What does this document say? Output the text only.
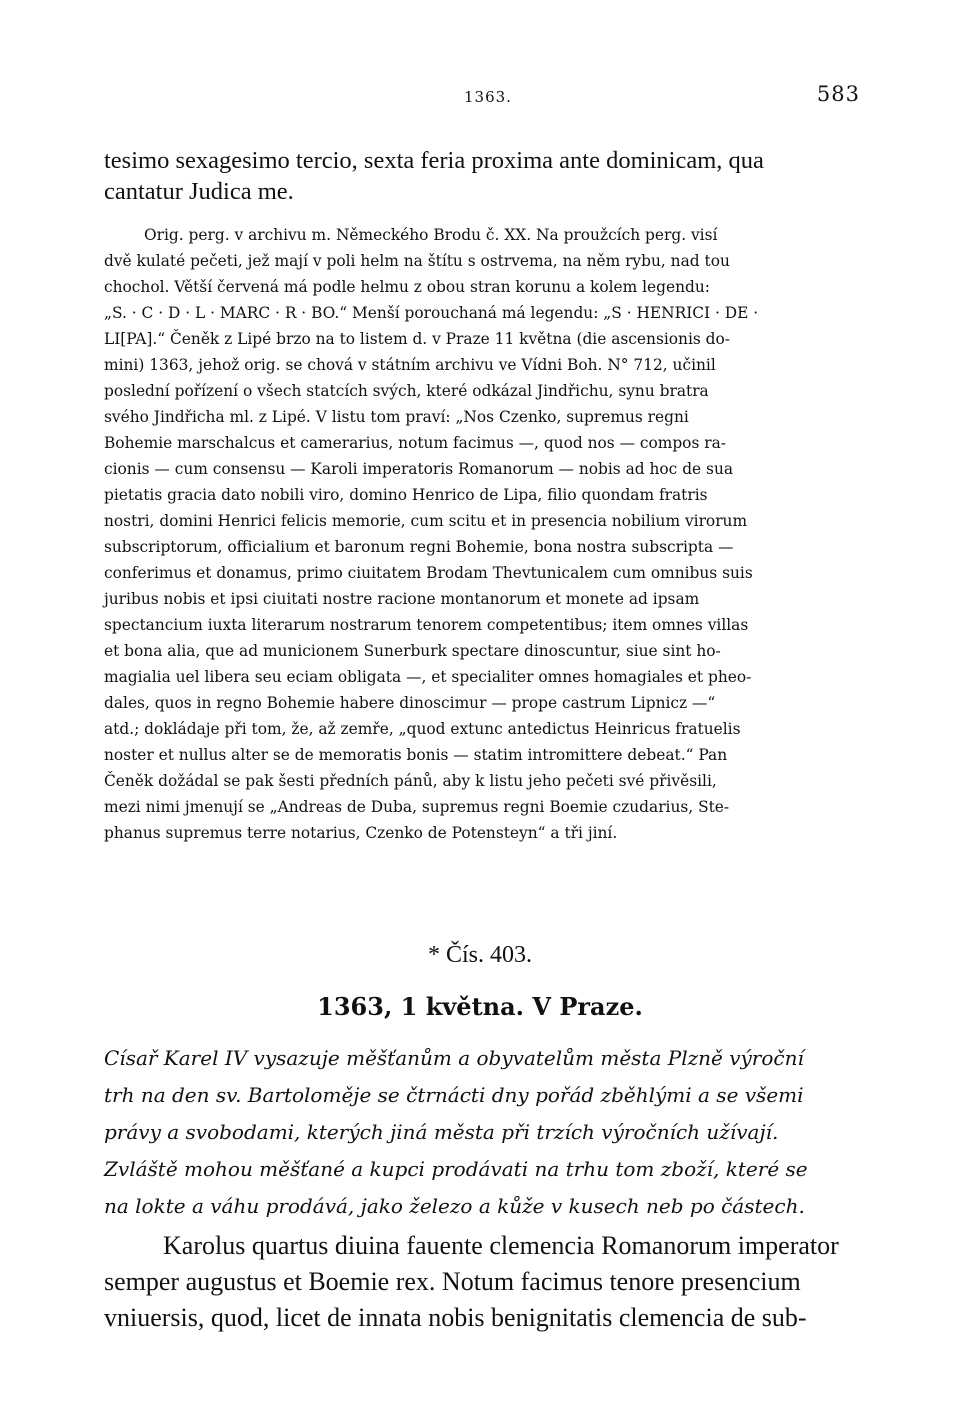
1363.	583
tesimo sexagesimo tercio, sexta feria proxima ante dominicam, qua
cantatur Judica me.
Orig. perg. v archivu m. Německého Brodu č. XX. Na proužcích perg. visí
dvě kulaté pečeti, jež mají v poli helm na štítu s ostrvema, na něm rybu, nad tou
chochol. Větší červená má podle helmu z obou stran korunu a kolem legendu:
„S. · C · D · L · MARC · R · BO.“ Menší porouchaná má legendu: „S · HENRICI · DE ·
LI[PA].“ Čeněk z Lipé brzo na to listem d. v Praze 11 května (die ascensionis do-
mini) 1363, jehož orig. se chová v státním archivu ve Vídni Boh. N° 712, učinil
poslední pořízení o všech statcích svých, které odkázal Jindřichu, synu bratra
svého Jindřicha ml. z Lipé. V listu tom praví: „Nos Czenko, supremus regni
Bohemie marschalcus et camerarius, notum facimus —, quod nos — compos ra-
cionis — cum consensu — Karoli imperatoris Romanorum — nobis ad hoc de sua
pietatis gracia dato nobili viro, domino Henrico de Lipa, filio quondam fratris
nostri, domini Henrici felicis memorie, cum scitu et in presencia nobilium virorum
subscriptorum, officialium et baronum regni Bohemie, bona nostra subscripta —
conferimus et donamus, primo ciuitatem Brodam Thevtunicalem cum omnibus suis
juribus nobis et ipsi ciuitati nostre racione montanorum et monete ad ipsam
spectancium iuxta literarum nostrarum tenorem competentibus; item omnes villas
et bona alia, que ad municionem Sunerburk spectare dinoscuntur, siue sint ho-
magialia uel libera seu eciam obligata —, et specialiter omnes homagiales et pheo-
dales, quos in regno Bohemie habere dinoscimur — prope castrum Lipnicz —“
atd.; dokládaje při tom, že, až zemře, „quod extunc antedictus Heinricus fratuelis
noster et nullus alter se de memoratis bonis — statim intromittere debeat.“ Pan
Čeněk dožádal se pak šesti předních pánů, aby k listu jeho pečeti své přivěsili,
mezi nimi jmenují se „Andreas de Duba, supremus regni Boemie czudarius, Ste-
phanus supremus terre notarius, Czenko de Potensteyn“ a tři jiní.
* Čís. 403.
1363, 1 května. V Praze.
Císař Karel IV vysazuje měšťanům a obyvatelům města Plzně výroční
trh na den sv. Bartoloměje se čtrnácti dny pořád zběhlými a se všemi
právy a svobodami, kterých jiná města při trzích výročních užívají.
Zvláště mohou měšťané a kupci prodávati na trhu tom zboží, které se
na lokte a váhu prodává, jako železo a kůže v kusech neb po částech.
Karolus quartus diuina fauente clemencia Romanorum imperator
semper augustus et Boemie rex. Notum facimus tenore presencium
vniuersis, quod, licet de innata nobis benignitatis clemencia de sub-
